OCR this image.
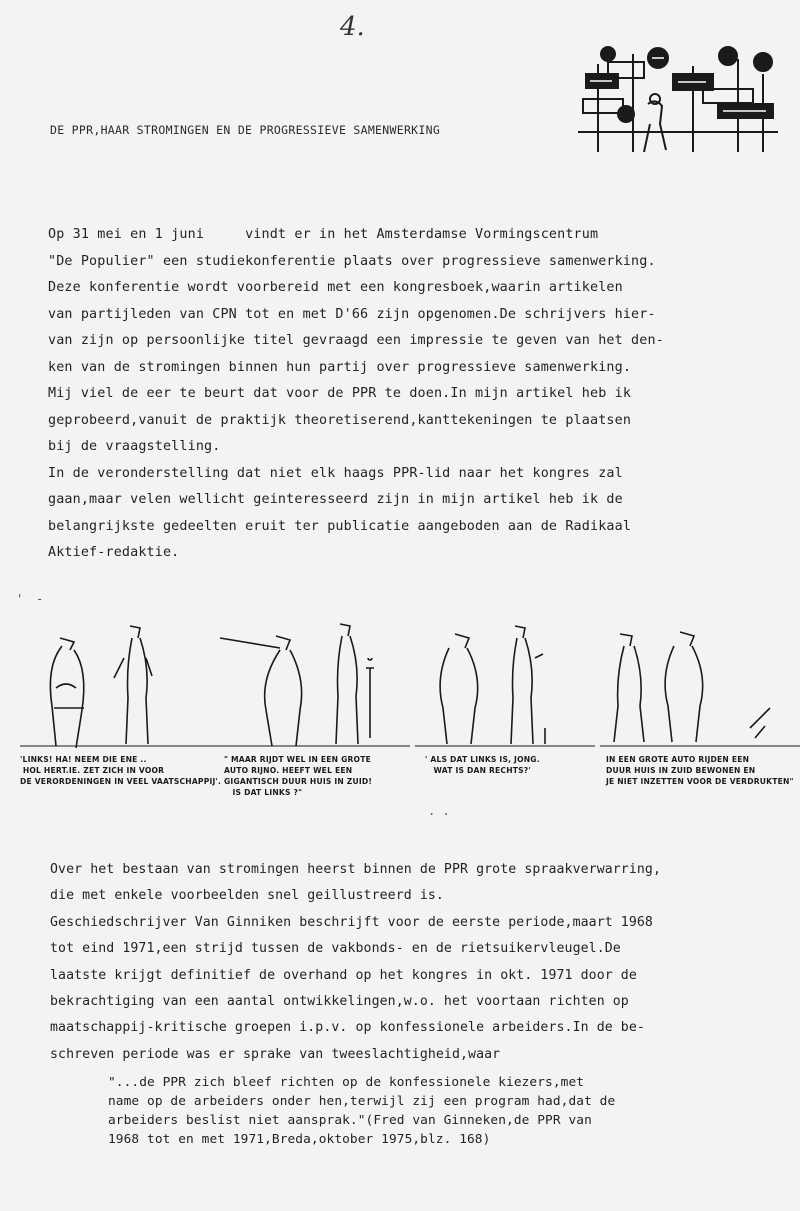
4.
DE PPR,HAAR STROMINGEN EN DE PROGRESSIEVE SAMENWERKING
Op 31 mei en 1 juni     vindt er in het Amsterdamse Vormingscentrum
"De Populier" een studiekonferentie plaats over progressieve samenwerking.
Deze konferentie wordt voorbereid met een kongresboek,waarin artikelen
van partijleden van CPN tot en met D'66 zijn opgenomen.De schrijvers hier-
van zijn op persoonlijke titel gevraagd een impressie te geven van het den-
ken van de stromingen binnen hun partij over progressieve samenwerking.
Mij viel de eer te beurt dat voor de PPR te doen.In mijn artikel heb ik
geprobeerd,vanuit de praktijk theoretiserend,kanttekeningen te plaatsen
bij de vraagstelling.
In de veronderstelling dat niet elk haags PPR-lid naar het kongres zal
gaan,maar velen wellicht geinteresseerd zijn in mijn artikel heb ik de
belangrijkste gedeelten eruit ter publicatie aangeboden aan de Radikaal
Aktief-redaktie.
' -
'LINKS! HA! NEEM DIE ENE ..
HOL HERT.IE. ZET ZICH IN VOOR
DE VERORDENINGEN IN VEEL VAATSCHAPPIJ'.
" MAAR RIJDT WEL IN EEN GROTE
AUTO RIJNO. HEEFT WEL EEN
GIGANTISCH DUUR HUIS IN ZUID!
IS DAT LINKS ?"
' ALS DAT LINKS IS, JONG.
WAT IS DAN RECHTS?'
IN EEN GROTE AUTO RIJDEN EEN
DUUR HUIS IN ZUID BEWONEN EN
JE NIET INZETTEN VOOR DE VERDRUKTEN"
. .
Over het bestaan van stromingen heerst binnen de PPR grote spraakverwarring,
die met enkele voorbeelden snel geillustreerd is.
Geschiedschrijver Van Ginniken beschrijft voor de eerste periode,maart 1968
tot eind 1971,een strijd tussen de vakbonds- en de rietsuikervleugel.De
laatste krijgt definitief de overhand op het kongres in okt. 1971 door de
bekrachtiging van een aantal ontwikkelingen,w.o. het voortaan richten op
maatschappij-kritische groepen i.p.v. op konfessionele arbeiders.In de be-
schreven periode was er sprake van tweeslachtigheid,waar
"...de PPR zich bleef richten op de konfessionele kiezers,met
name op de arbeiders onder hen,terwijl zij een program had,dat de
arbeiders beslist niet aansprak."(Fred van Ginneken,de PPR van
1968 tot en met 1971,Breda,oktober 1975,blz. 168)
